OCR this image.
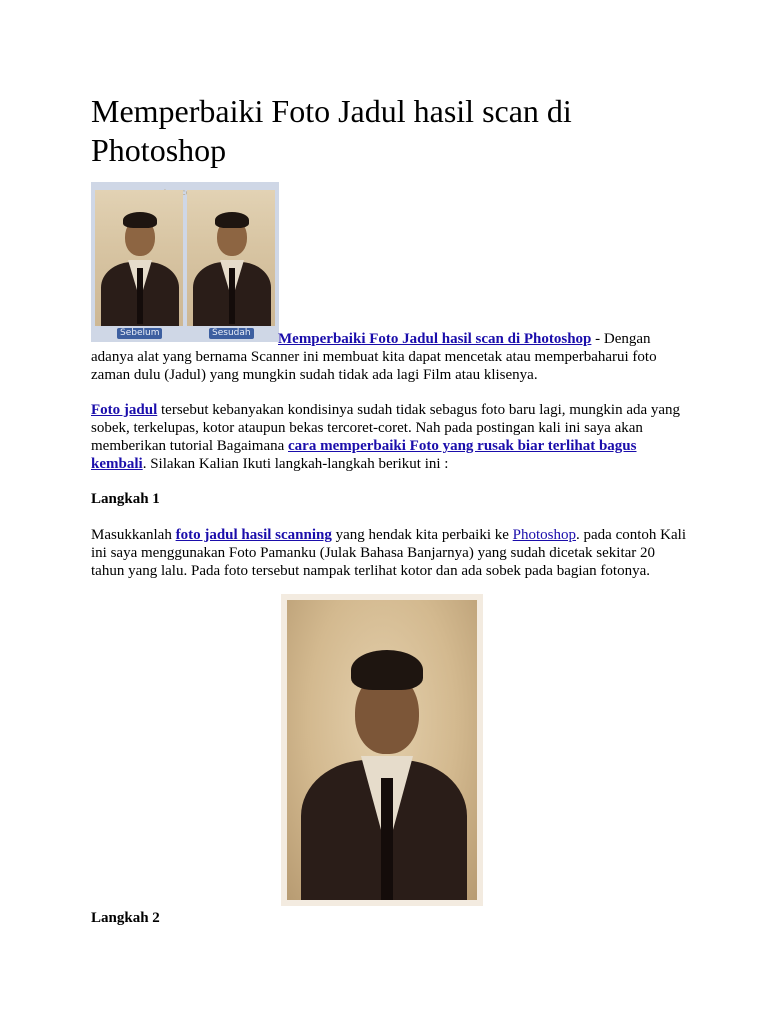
Memperbaiki Foto Jadul hasil scan di Photoshop
Sebelum	Sesudah	Memperbaiki Foto Jadul hasil scan di Photoshop - Dengan adanya alat yang bernama Scanner ini membuat kita dapat mencetak atau memperbaharui foto zaman dulu (Jadul) yang mungkin sudah tidak ada lagi Film atau klisenya.

Foto jadul tersebut kebanyakan kondisinya sudah tidak sebagus foto baru lagi, mungkin ada yang sobek, terkelupas, kotor ataupun bekas tercoret-coret. Nah pada postingan kali ini saya akan memberikan tutorial Bagaimana cara memperbaiki Foto yang rusak biar terlihat bagus kembali. Silakan Kalian Ikuti langkah-langkah berikut ini :

Langkah 1

Masukkanlah foto jadul hasil scanning yang hendak kita perbaiki ke Photoshop. pada contoh Kali ini saya menggunakan Foto Pamanku (Julak Bahasa Banjarnya) yang sudah dicetak sekitar 20 tahun yang lalu. Pada foto tersebut nampak terlihat kotor dan ada sobek pada bagian fotonya.

Langkah 2
